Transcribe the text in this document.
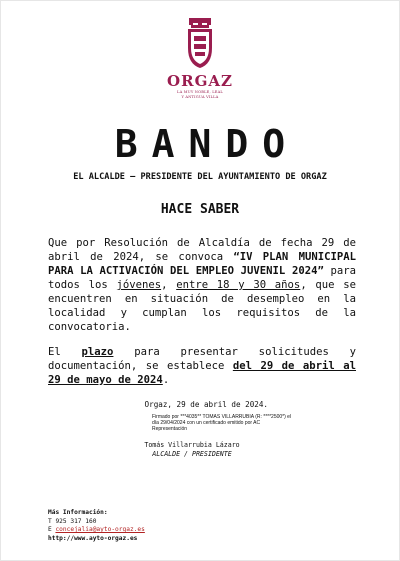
ORGAZ
LA MUY NOBLE, LEAL
Y ANTIGUA VILLA
BANDO
EL ALCALDE – PRESIDENTE DEL AYUNTAMIENTO DE ORGAZ
HACE SABER
Que por Resolución de Alcaldía de fecha 29 de abril de 2024, se convoca “IV PLAN MUNICIPAL PARA LA ACTIVACIÓN DEL EMPLEO JUVENIL 2024” para todos los jóvenes, entre 18 y 30 años, que se encuentren en situación de desempleo en la localidad y cumplan los requisitos de la convocatoria.
El plazo para presentar solicitudes y documentación, se establece del 29 de abril al 29 de mayo de 2024.
Orgaz, 29 de abril de 2024.
Firmado por ***4035** TOMAS VILLARRUBIA (R: ****2500*) el día 29/04/2024 con un certificado emitido por AC Representación
Tomás Villarrubia Lázaro
ALCALDE / PRESIDENTE
Más Información:
T 925 317 160
E concejalia@ayto-orgaz.es
http://www.ayto-orgaz.es
